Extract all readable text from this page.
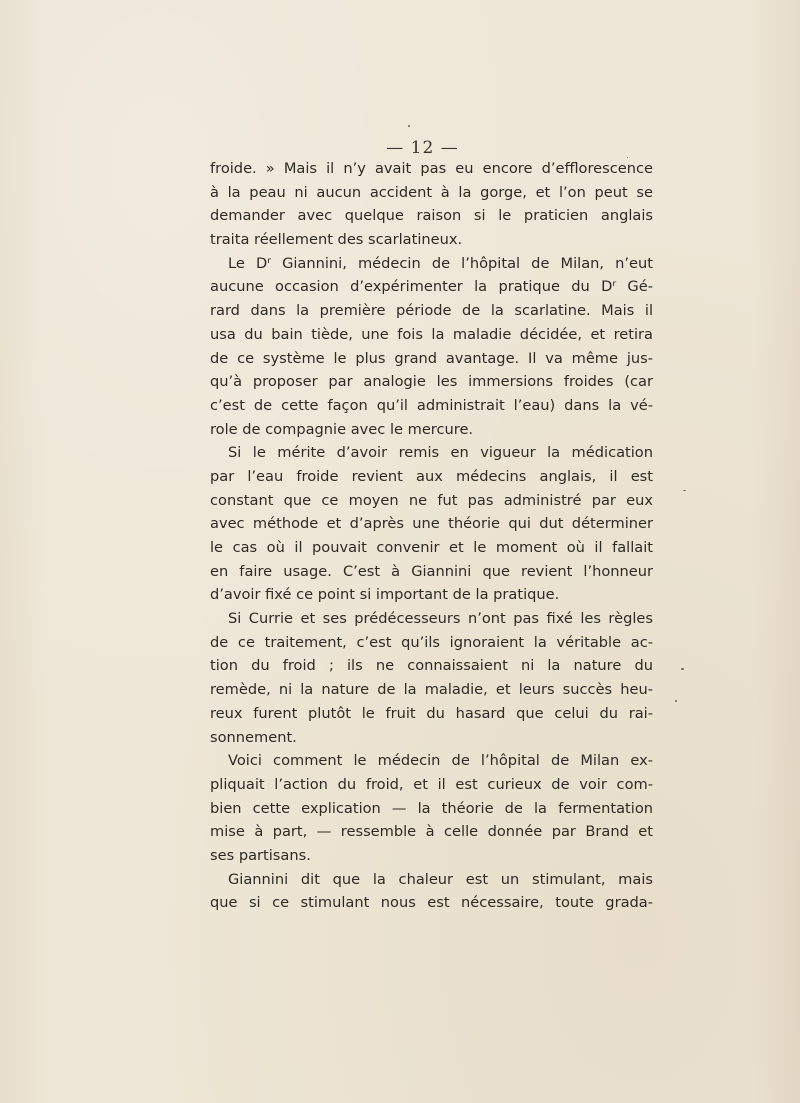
— 12 —
froide. » Mais il n’y avait pas eu encore d’efflorescence
à la peau ni aucun accident à la gorge, et l’on peut se
demander avec quelque raison si le praticien anglais
traita réellement des scarlatineux.
Le Dʳ Giannini, médecin de l’hôpital de Milan, n’eut
aucune occasion d’expérimenter la pratique du Dʳ Gé-
rard dans la première période de la scarlatine. Mais il
usa du bain tiède, une fois la maladie décidée, et retira
de ce système le plus grand avantage. Il va même jus-
qu’à proposer par analogie les immersions froides (car
c’est de cette façon qu’il administrait l’eau) dans la vé-
role de compagnie avec le mercure.
Si le mérite d’avoir remis en vigueur la médication
par l’eau froide revient aux médecins anglais, il est
constant que ce moyen ne fut pas administré par eux
avec méthode et d’après une théorie qui dut déterminer
le cas où il pouvait convenir et le moment où il fallait
en faire usage. C’est à Giannini que revient l’honneur
d’avoir fixé ce point si important de la pratique.
Si Currie et ses prédécesseurs n’ont pas fixé les règles
de ce traitement, c’est qu’ils ignoraient la véritable ac-
tion du froid ; ils ne connaissaient ni la nature du
remède, ni la nature de la maladie, et leurs succès heu-
reux furent plutôt le fruit du hasard que celui du rai-
sonnement.
Voici comment le médecin de l’hôpital de Milan ex-
pliquait l’action du froid, et il est curieux de voir com-
bien cette explication — la théorie de la fermentation
mise à part, — ressemble à celle donnée par Brand et
ses partisans.
Giannini dit que la chaleur est un stimulant, mais
que si ce stimulant nous est nécessaire, toute grada-
